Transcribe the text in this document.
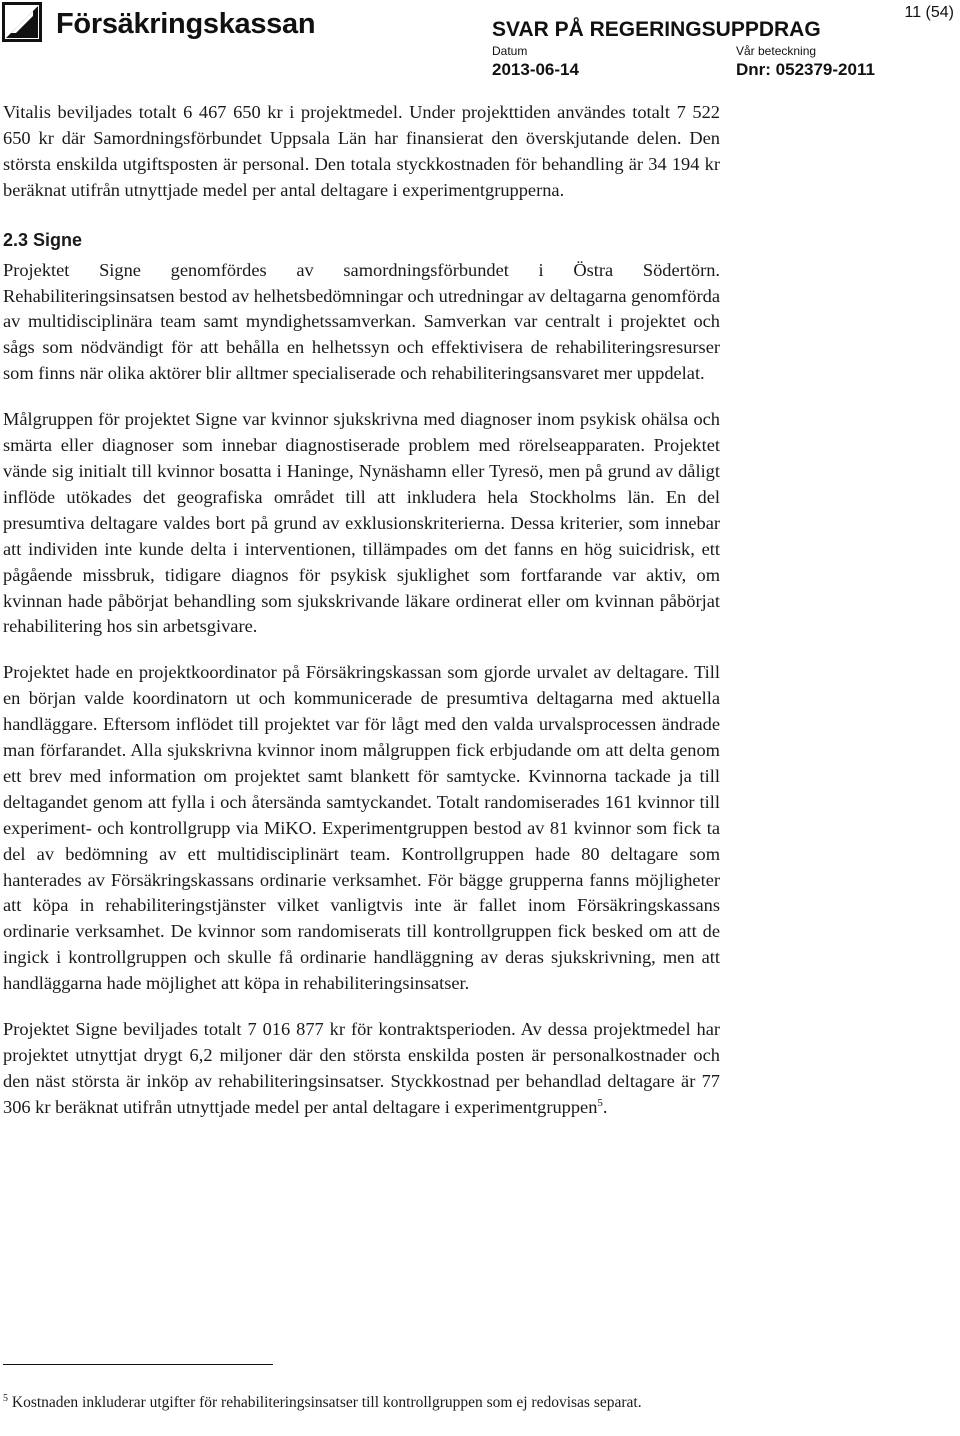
Försäkringskassan	SVAR PÅ REGERINGSUPPDRAG
Datum
2013-06-14
Vår beteckning
Dnr: 052379-2011
11 (54)

Vitalis beviljades totalt 6 467 650 kr i projektmedel. Under projekttiden användes totalt 7 522 650 kr där Samordningsförbundet Uppsala Län har finansierat den överskjutande delen. Den största enskilda utgiftsposten är personal. Den totala styckkostnaden för behandling är 34 194 kr beräknat utifrån utnyttjade medel per antal deltagare i experimentgrupperna.

2.3 Signe

Projektet Signe genomfördes av samordningsförbundet i Östra Södertörn. Rehabiliteringsinsatsen bestod av helhetsbedömningar och utredningar av deltagarna genomförda av multidisciplinära team samt myndighetssamverkan. Samverkan var centralt i projektet och sågs som nödvändigt för att behålla en helhetssyn och effektivisera de rehabiliteringsresurser som finns när olika aktörer blir alltmer specialiserade och rehabiliteringsansvaret mer uppdelat.

Målgruppen för projektet Signe var kvinnor sjukskrivna med diagnoser inom psykisk ohälsa och smärta eller diagnoser som innebar diagnostiserade problem med rörelseapparaten. Projektet vände sig initialt till kvinnor bosatta i Haninge, Nynäshamn eller Tyresö, men på grund av dåligt inflöde utökades det geografiska området till att inkludera hela Stockholms län. En del presumtiva deltagare valdes bort på grund av exklusionskriterierna. Dessa kriterier, som innebar att individen inte kunde delta i interventionen, tillämpades om det fanns en hög suicidrisk, ett pågående missbruk, tidigare diagnos för psykisk sjuklighet som fortfarande var aktiv, om kvinnan hade påbörjat behandling som sjukskrivande läkare ordinerat eller om kvinnan påbörjat rehabilitering hos sin arbetsgivare.

Projektet hade en projektkoordinator på Försäkringskassan som gjorde urvalet av deltagare. Till en början valde koordinatorn ut och kommunicerade de presumtiva deltagarna med aktuella handläggare. Eftersom inflödet till projektet var för lågt med den valda urvalsprocessen ändrade man förfarandet. Alla sjukskrivna kvinnor inom målgruppen fick erbjudande om att delta genom ett brev med information om projektet samt blankett för samtycke. Kvinnorna tackade ja till deltagandet genom att fylla i och återsända samtyckandet. Totalt randomiserades 161 kvinnor till experiment- och kontrollgrupp via MiKO. Experimentgruppen bestod av 81 kvinnor som fick ta del av bedömning av ett multidisciplinärt team. Kontrollgruppen hade 80 deltagare som hanterades av Försäkringskassans ordinarie verksamhet. För bägge grupperna fanns möjligheter att köpa in rehabiliteringstjänster vilket vanligtvis inte är fallet inom Försäkringskassans ordinarie verksamhet. De kvinnor som randomiserats till kontrollgruppen fick besked om att de ingick i kontrollgruppen och skulle få ordinarie handläggning av deras sjukskrivning, men att handläggarna hade möjlighet att köpa in rehabiliteringsinsatser.

Projektet Signe beviljades totalt 7 016 877 kr för kontraktsperioden. Av dessa projektmedel har projektet utnyttjat drygt 6,2 miljoner där den största enskilda posten är personalkostnader och den näst största är inköp av rehabiliteringsinsatser. Styckkostnad per behandlad deltagare är 77 306 kr beräknat utifrån utnyttjade medel per antal deltagare i experimentgruppen$^5$.

$^5$ Kostnaden inkluderar utgifter för rehabiliteringsinsatser till kontrollgruppen som ej redovisas separat.
